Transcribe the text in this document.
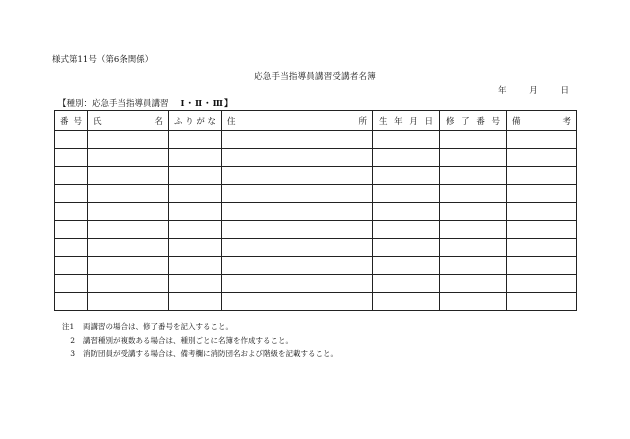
様式第11号（第6条関係）
応急手当指導員講習受講者名簿
年	月	日
【種別：応急手当指導員講習 Ⅰ・Ⅱ・Ⅲ】
番 号	氏 名	ふ り が な	住 所	生 年 月 日	修 了 番 号	備 考

注1	両講習の場合は、修了番号を記入すること。
2	講習種別が複数ある場合は、種別ごとに名簿を作成すること。
3	消防団員が受講する場合は、備考欄に消防団名および階級を記載すること。
